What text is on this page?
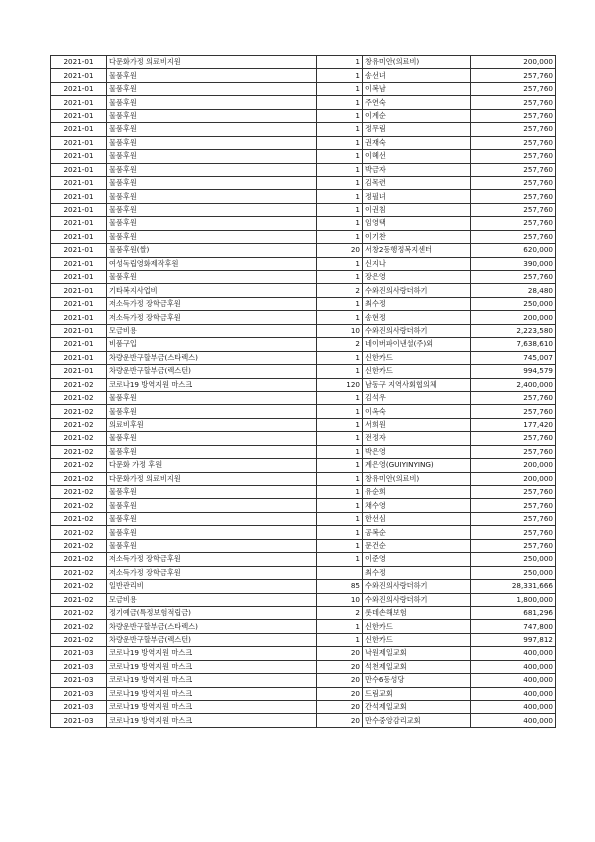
2021-01	다문화가정 의료비지원	1	창유미안(의료비)	200,000
2021-01	물품후원	1	송선녀	257,760
2021-01	물품후원	1	이복남	257,760
2021-01	물품후원	1	주연숙	257,760
2021-01	물품후원	1	이계순	257,760
2021-01	물품후원	1	정무림	257,760
2021-01	물품후원	1	권재숙	257,760
2021-01	물품후원	1	이혜선	257,760
2021-01	물품후원	1	박금자	257,760
2021-01	물품후원	1	김목련	257,760
2021-01	물품후원	1	정필녀	257,760
2021-01	물품후원	1	이권침	257,760
2021-01	물품후원	1	임영택	257,760
2021-01	물품후원	1	이기찬	257,760
2021-01	물품후원(쌀)	20	서창2동행정복지센터	620,000
2021-01	여성독립영화제작후원	1	신지나	390,000
2021-01	물품후원	1	장은영	257,760
2021-01	기타복지사업비	2	수와진의사랑더하기	28,480
2021-01	저소득가정 장학금후원	1	최수정	250,000
2021-01	저소득가정 장학금후원	1	송현정	200,000
2021-01	모금비용	10	수와진의사랑더하기	2,223,580
2021-01	비품구입	2	네이버파이낸셜(주)외	7,638,610
2021-01	차량운반구할부금(스타렉스)	1	신한카드	745,007
2021-01	차량운반구할부금(렉스턴)	1	신한카드	994,579
2021-02	코로나19 방역지원 마스크	120	남동구 지역사회협의체	2,400,000
2021-02	물품후원	1	김석우	257,760
2021-02	물품후원	1	이옥숙	257,760
2021-02	의료비후원	1	서희원	177,420
2021-02	물품후원	1	전정자	257,760
2021-02	물품후원	1	박은영	257,760
2021-02	다문화 가정 후원	1	계은영(GUIYINYING)	200,000
2021-02	다문화가정 의료비지원	1	창유미안(의료비)	200,000
2021-02	물품후원	1	유순희	257,760
2021-02	물품후원	1	채수영	257,760
2021-02	물품후원	1	한선심	257,760
2021-02	물품후원	1	공복순	257,760
2021-02	물품후원	1	문건순	257,760
2021-02	저소득가정 장학금후원	1	이준영	250,000
2021-02	저소득가정 장학금후원		최수정	250,000
2021-02	일반관리비	85	수와진의사랑더하기	28,331,666
2021-02	모금비용	10	수와진의사랑더하기	1,800,000
2021-02	정기예금(특정보험적립금)	2	롯데손해보험	681,296
2021-02	차량운반구할부금(스타렉스)	1	신한카드	747,800
2021-02	차량운반구할부금(렉스턴)	1	신한카드	997,812
2021-03	코로나19 방역지원 마스크	20	낙원제일교회	400,000
2021-03	코로나19 방역지원 마스크	20	석천제일교회	400,000
2021-03	코로나19 방역지원 마스크	20	만수6동성당	400,000
2021-03	코로나19 방역지원 마스크	20	드림교회	400,000
2021-03	코로나19 방역지원 마스크	20	간석제일교회	400,000
2021-03	코로나19 방역지원 마스크	20	만수중앙감리교회	400,000
